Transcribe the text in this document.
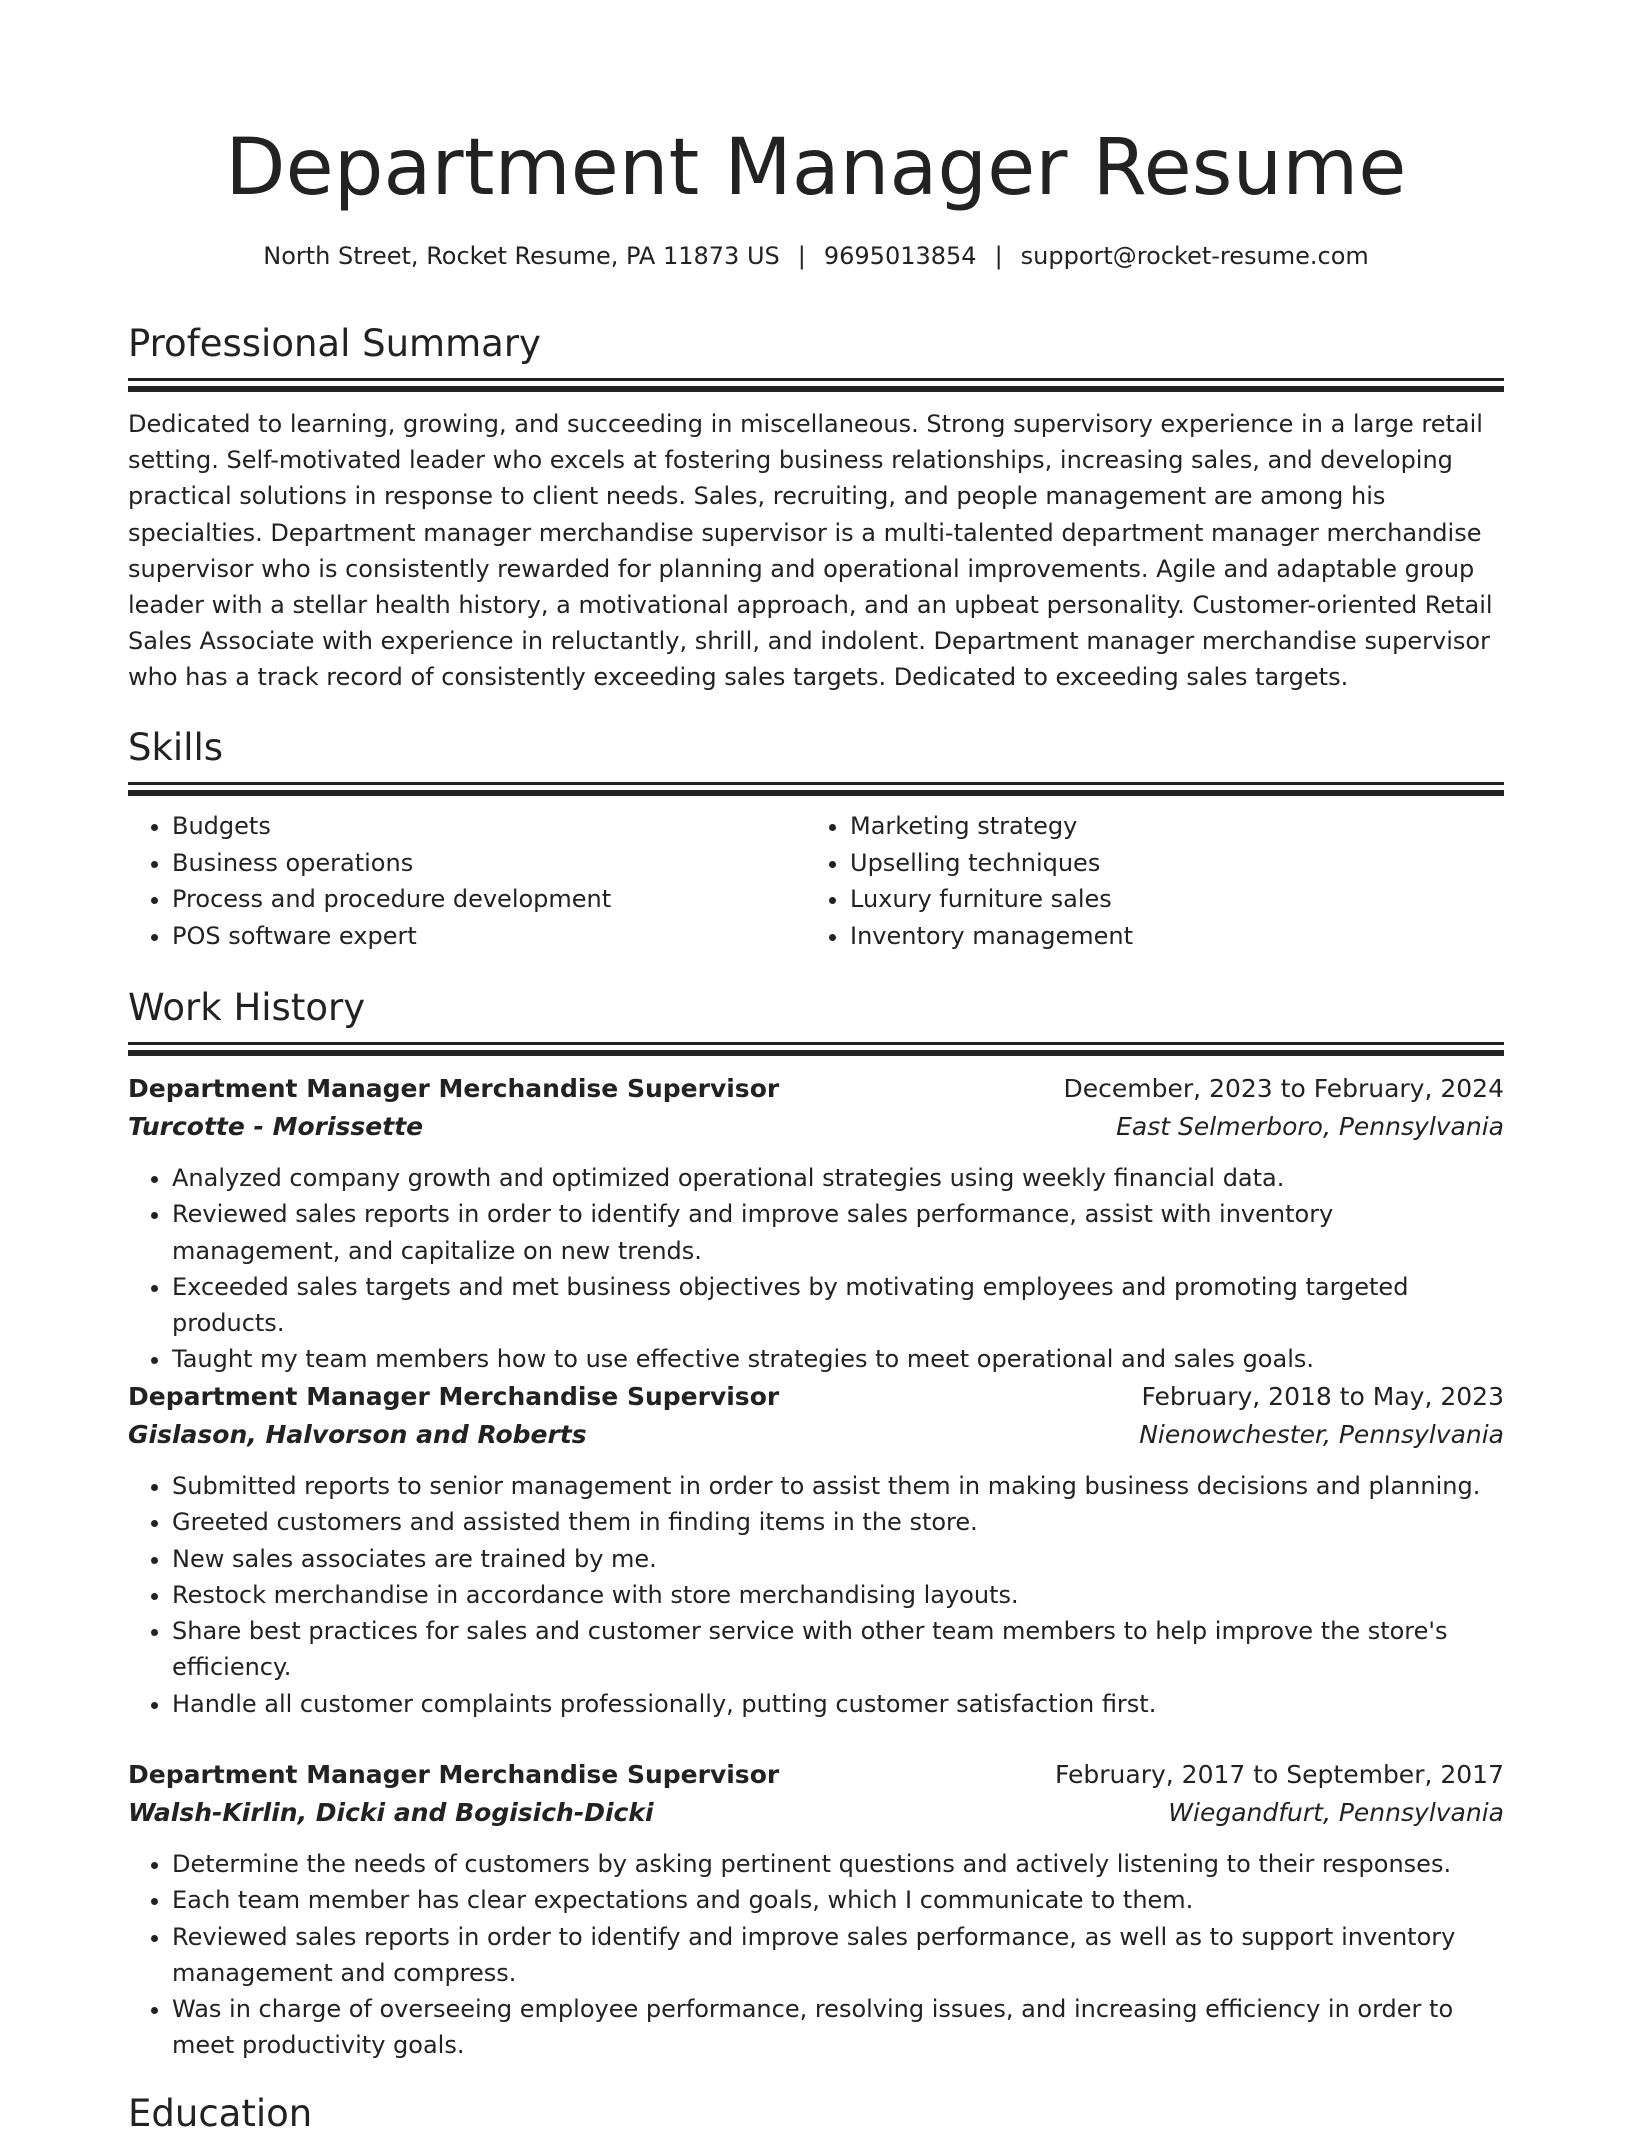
Department Manager Resume
North Street, Rocket Resume, PA 11873 US | 9695013854 | support@rocket-resume.com
Professional Summary

Dedicated to learning, growing, and succeeding in miscellaneous. Strong supervisory experience in a large retail setting. Self-motivated leader who excels at fostering business relationships, increasing sales, and developing practical solutions in response to client needs. Sales, recruiting, and people management are among his specialties. Department manager merchandise supervisor is a multi-talented department manager merchandise supervisor who is consistently rewarded for planning and operational improvements. Agile and adaptable group leader with a stellar health history, a motivational approach, and an upbeat personality. Customer-oriented Retail Sales Associate with experience in reluctantly, shrill, and indolent. Department manager merchandise supervisor who has a track record of consistently exceeding sales targets. Dedicated to exceeding sales targets.

Skills
• Budgets
• Business operations
• Process and procedure development
• POS software expert
• Marketing strategy
• Upselling techniques
• Luxury furniture sales
• Inventory management
Work History
Department Manager Merchandise Supervisor	December, 2023 to February, 2024
Turcotte - Morissette	East Selmerboro, Pennsylvania
• Analyzed company growth and optimized operational strategies using weekly financial data.
• Reviewed sales reports in order to identify and improve sales performance, assist with inventory management, and capitalize on new trends.
• Exceeded sales targets and met business objectives by motivating employees and promoting targeted products.
• Taught my team members how to use effective strategies to meet operational and sales goals.
Department Manager Merchandise Supervisor	February, 2018 to May, 2023
Gislason, Halvorson and Roberts	Nienowchester, Pennsylvania
• Submitted reports to senior management in order to assist them in making business decisions and planning.
• Greeted customers and assisted them in finding items in the store.
• New sales associates are trained by me.
• Restock merchandise in accordance with store merchandising layouts.
• Share best practices for sales and customer service with other team members to help improve the store's efficiency.
• Handle all customer complaints professionally, putting customer satisfaction first.
Department Manager Merchandise Supervisor	February, 2017 to September, 2017
Walsh-Kirlin, Dicki and Bogisich-Dicki	Wiegandfurt, Pennsylvania
• Determine the needs of customers by asking pertinent questions and actively listening to their responses.
• Each team member has clear expectations and goals, which I communicate to them.
• Reviewed sales reports in order to identify and improve sales performance, as well as to support inventory management and compress.
• Was in charge of overseeing employee performance, resolving issues, and increasing efficiency in order to meet productivity goals.
Education
